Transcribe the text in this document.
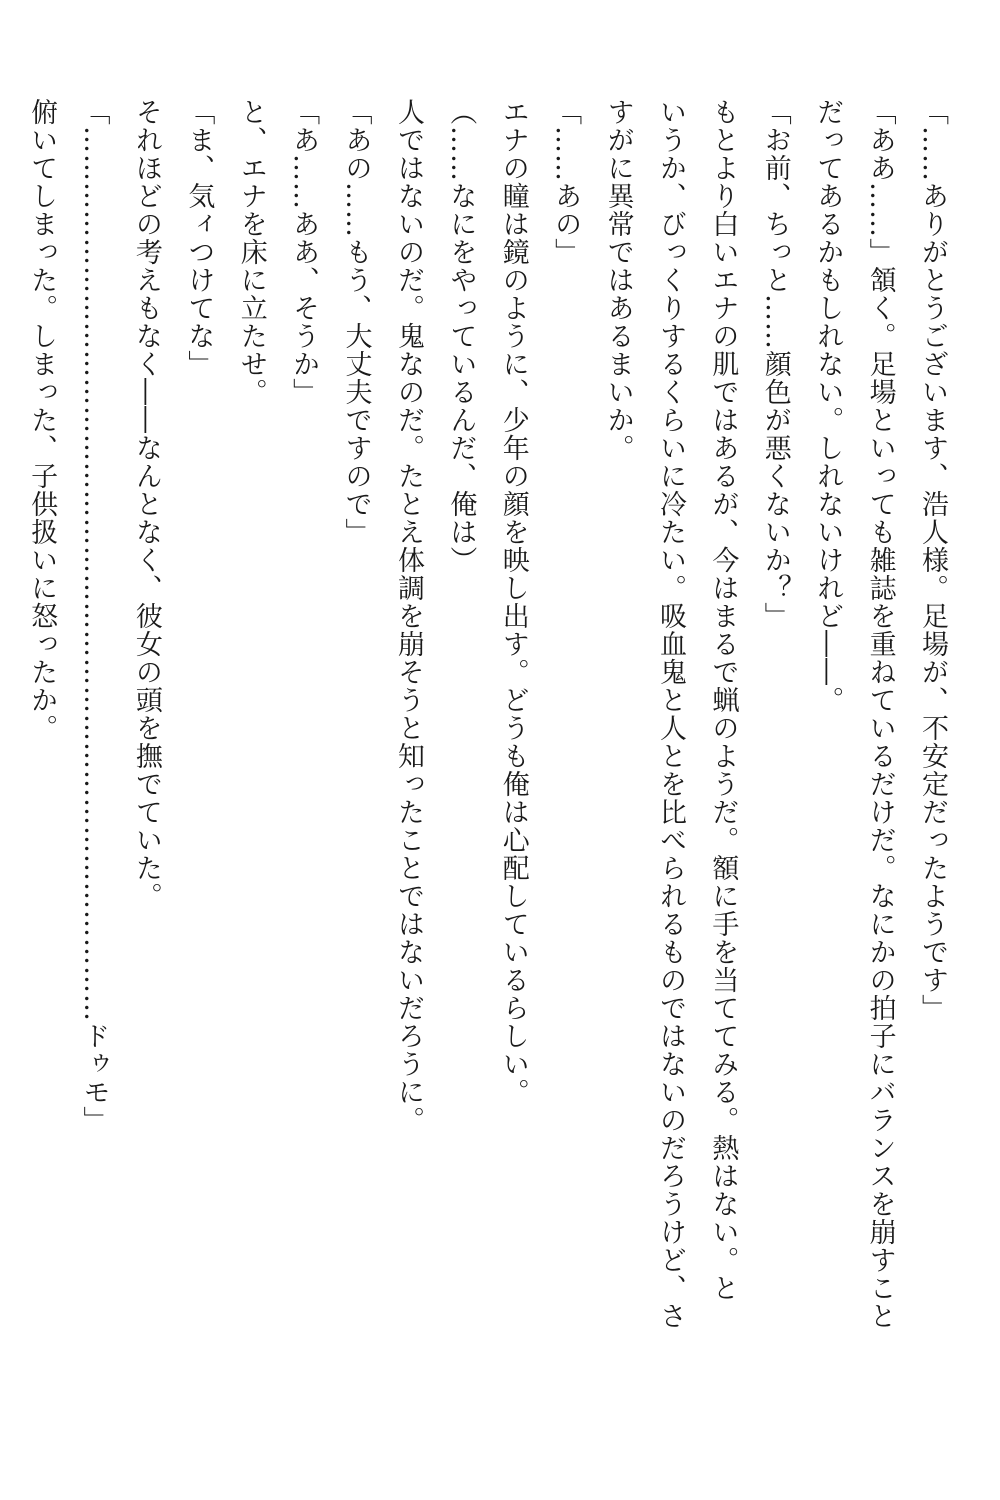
「……ありがとうございます、浩人様。足場が、不安定だったようです」
「ああ……」頷く。足場といっても雑誌を重ねているだけだ。なにかの拍子にバランスを崩すこと
だってあるかもしれない。しれないけれど――。
「お前、ちっと……顔色が悪くないか？」
もとより白いエナの肌ではあるが、今はまるで蝋のようだ。額に手を当ててみる。熱はない。と
いうか、びっくりするくらいに冷たい。吸血鬼と人とを比べられるものではないのだろうけど、さ
すがに異常ではあるまいか。
「……あの」
エナの瞳は鏡のように、少年の顔を映し出す。どうも俺は心配しているらしい。
（……なにをやっているんだ、俺は）
人ではないのだ。鬼なのだ。たとえ体調を崩そうと知ったことではないだろうに。
「あの……もう、大丈夫ですので」
「あ……ああ、そうか」
と、エナを床に立たせ。
「ま、気ィつけてな」
それほどの考えもなく――なんとなく、彼女の頭を撫でていた。
「……………………………………………………………………………………ドゥモ」
俯いてしまった。しまった、子供扱いに怒ったか。
